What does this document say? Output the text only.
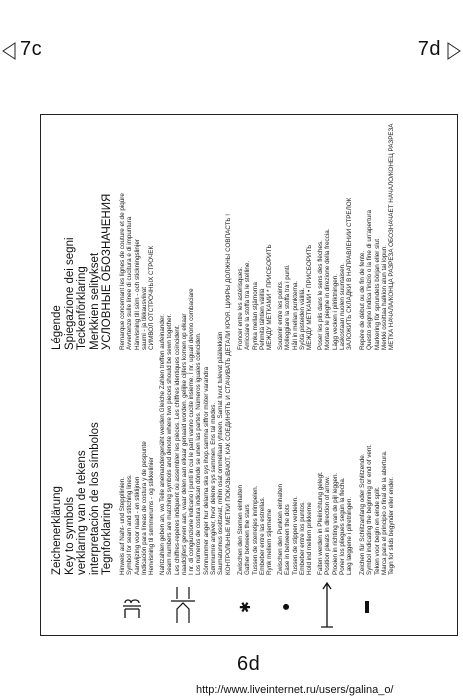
7c	7d
6d
Zeichenerklärung Key to symbols verklaring van de tekens interpretación de los símbolos Tegnforklaring
Légende Spiegazione dei segni Teckenförklaring Merkkien selitykset УСЛОВНЫЕ ОБОЗНАЧЕНИЯ
Hinweis auf Naht- und Steppllinien. Symbol for seam and stitching lines. Aanwijzing voor naad - en stiklijnen Indicación para líneas de costura y de pespunte Henvisning til sømmerums - og stikkelinier
Remarque concernant les lignes de couture et de piqûre Avvertenze sulle linee di cucitura e di impuntura Hänvisning till söm - och stickningslinjer saumi - ja tikkausviivat СИМВОЛ ОТСТРОЧНЫХ СТРОЧЕК
Nahtzahlen geben an, wo Teile aneinandergenäht werden.Gleiche Zahlen treffen aufeinander. Seam numbers are matching symbols and denote where two pieces should be sewn together. Les chiffres-repères indiquent où assembler les pièces. Les chiffres identiques coïncident. naadcijfers geven aan, waar delen aan elkaar genaaid worden. gelijke cijfers komen op elkaar I nr. di congiunzione indicano i punti in cui le parti vanno cucite insieme. I nr. uguali devono combaciare Los números de costura indican dónde se unen las partes. Números iguales coinciden. Sömnummer anger hur delarna ska sys ihop.samma siffror möter varandra Sømnumre angiver, hvor delene sys sammen. Ens tal mødes. Saumatunnus osoittavat, mihin osat ommellaan yhteen. Samat luvut tulevat päällekkäin КОНТРОЛЬНЫЕ МЕТКИ ПОКАЗЫВАЮТ, КАК СОЕДИНЯТЬ И СТАЧИВАТЬ ДЕТАЛИ КРОЯ. ЦИФРЫ ДОЛЖНЫ СОВПАСТЬ !
✱
Zwischen den Sternen einhalten Gather between the stars Tussen de sterretjes inrimpelen. Embeber entre las estrellas. Rynk mellem stjernerne
Froncer entre les astérisques. Arricciare la stoffa tra le stelline. Rynka mellan stjärnorna Pehmitä tähtien välillä МЕЖДУ МЕТКАМИ * ПРИСБОРИТЬ
●
Zwischen den Punkten einhalten Ease in between the dots Tussen de stippen verdelen. Embeber entre los puntos. Hold ind mellem prikkerne
Soutenir entre les points. Molleggiare la stoffa tra i punti. Håll in mellan punkterna. Syötä pisteiden välillä. МЕЖДУ МЕТКАМИ • ПРИСБОРИТЬ
Falten werden in Pfeilrichtung gelegt. Position pleats in direction of arrow. Plooien in richting van de pijl leggen. Poner los pliegues según la flecha. Læg læggene i pilretningen.
Poser les plis dans le sens des flèches. Montare le pieghe in direzione della freccia. Lägg vecken i pilriktningen. Laskostaan nuolen suuntaisen. ЗАЛОЖИТЬ СКЛАДКИ В НАПРАВЛЕНИИ СТРЕЛОК
Zeichen für Schlitzanfang oder Schlitzende. Symbol indicating the beginning or end of vent. Teken voor begin en einde split. Marca para el principio o final de la abertura. Tegn for slids begynder eller ender.
Repère de début ou de fin de fente. Questo segno indica l'inizio o la fine di un'apertura Markering för sprundets början eller slut Merkki osoittaa halkion alun tai lopun. МЕТКА НАЧАЛА/КОНЦА РАЗРЕЗА ОБОЗНАЧАЕТ НАЧАЛО/КОНЕЦ РАЗРЕЗА
http://www.liveinternet.ru/users/galina_o/
